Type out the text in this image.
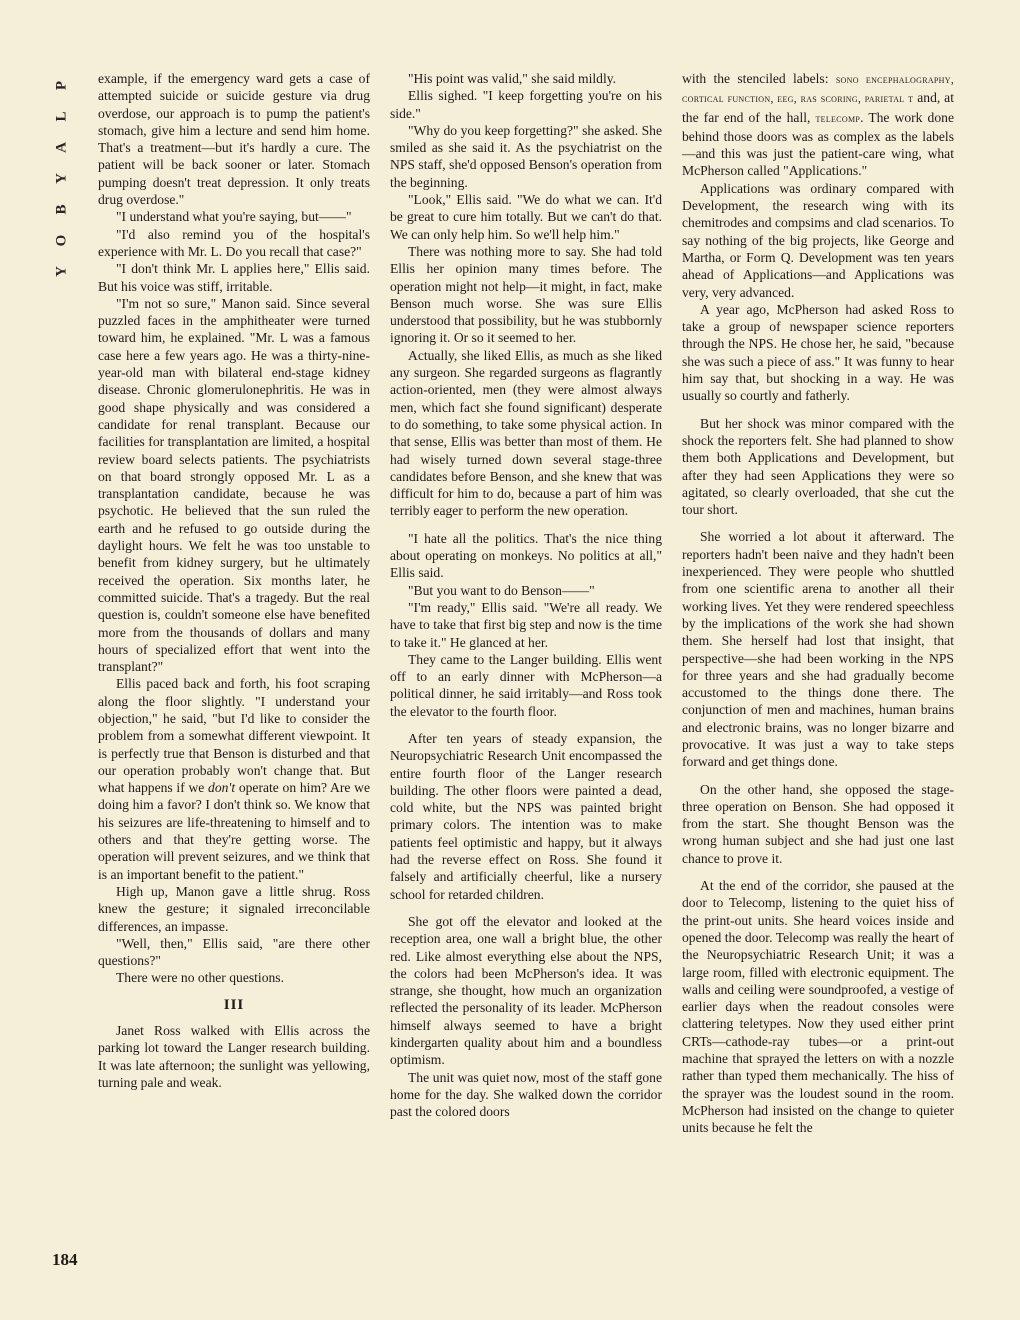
P
L
A
Y
B
O
Y

example, if the emergency ward gets a case of attempted suicide or suicide gesture via drug overdose, our approach is to pump the patient's stomach, give him a lecture and send him home. That's a treatment—but it's hardly a cure. The patient will be back sooner or later. Stomach pumping doesn't treat depression. It only treats drug overdose."

"I understand what you're saying, but——"

"I'd also remind you of the hospital's experience with Mr. L. Do you recall that case?"

"I don't think Mr. L applies here," Ellis said. But his voice was stiff, irritable.

"I'm not so sure," Manon said. Since several puzzled faces in the amphitheater were turned toward him, he explained. "Mr. L was a famous case here a few years ago. He was a thirty-nine-year-old man with bilateral end-stage kidney disease. Chronic glomerulonephritis. He was in good shape physically and was considered a candidate for renal transplant. Because our facilities for transplantation are limited, a hospital review board selects patients. The psychiatrists on that board strongly opposed Mr. L as a transplantation candidate, because he was psychotic. He believed that the sun ruled the earth and he refused to go outside during the daylight hours. We felt he was too unstable to benefit from kidney surgery, but he ultimately received the operation. Six months later, he committed suicide. That's a tragedy. But the real question is, couldn't someone else have benefited more from the thousands of dollars and many hours of specialized effort that went into the transplant?"

Ellis paced back and forth, his foot scraping along the floor slightly. "I understand your objection," he said, "but I'd like to consider the problem from a somewhat different viewpoint. It is perfectly true that Benson is disturbed and that our operation probably won't change that. But what happens if we don't operate on him? Are we doing him a favor? I don't think so. We know that his seizures are life-threatening to himself and to others and that they're getting worse. The operation will prevent seizures, and we think that is an important benefit to the patient."

High up, Manon gave a little shrug. Ross knew the gesture; it signaled irreconcilable differences, an impasse.

"Well, then," Ellis said, "are there other questions?"

There were no other questions.

III

Janet Ross walked with Ellis across the parking lot toward the Langer research building. It was late afternoon; the sunlight was yellowing, turning pale and weak.

"His point was valid," she said mildly.

Ellis sighed. "I keep forgetting you're on his side."

"Why do you keep forgetting?" she asked. She smiled as she said it. As the psychiatrist on the NPS staff, she'd opposed Benson's operation from the beginning.

"Look," Ellis said. "We do what we can. It'd be great to cure him totally. But we can't do that. We can only help him. So we'll help him."

There was nothing more to say. She had told Ellis her opinion many times before. The operation might not help—it might, in fact, make Benson much worse. She was sure Ellis understood that possibility, but he was stubbornly ignoring it. Or so it seemed to her.

Actually, she liked Ellis, as much as she liked any surgeon. She regarded surgeons as flagrantly action-oriented, men (they were almost always men, which fact she found significant) desperate to do something, to take some physical action. In that sense, Ellis was better than most of them. He had wisely turned down several stage-three candidates before Benson, and she knew that was difficult for him to do, because a part of him was terribly eager to perform the new operation.

"I hate all the politics. That's the nice thing about operating on monkeys. No politics at all," Ellis said.

"But you want to do Benson——"

"I'm ready," Ellis said. "We're all ready. We have to take that first big step and now is the time to take it." He glanced at her.

They came to the Langer building. Ellis went off to an early dinner with McPherson—a political dinner, he said irritably—and Ross took the elevator to the fourth floor.

After ten years of steady expansion, the Neuropsychiatric Research Unit encompassed the entire fourth floor of the Langer research building. The other floors were painted a dead, cold white, but the NPS was painted bright primary colors. The intention was to make patients feel optimistic and happy, but it always had the reverse effect on Ross. She found it falsely and artificially cheerful, like a nursery school for retarded children.

She got off the elevator and looked at the reception area, one wall a bright blue, the other red. Like almost everything else about the NPS, the colors had been McPherson's idea. It was strange, she thought, how much an organization reflected the personality of its leader. McPherson himself always seemed to have a bright kindergarten quality about him and a boundless optimism.

The unit was quiet now, most of the staff gone home for the day. She walked down the corridor past the colored doors

with the stenciled labels: sono encephalography, cortical function, eeg, ras scoring, parietal t and, at the far end of the hall, telecomp. The work done behind those doors was as complex as the labels—and this was just the patient-care wing, what McPherson called "Applications."

Applications was ordinary compared with Development, the research wing with its chemitrodes and compsims and clad scenarios. To say nothing of the big projects, like George and Martha, or Form Q. Development was ten years ahead of Applications—and Applications was very, very advanced.

A year ago, McPherson had asked Ross to take a group of newspaper science reporters through the NPS. He chose her, he said, "because she was such a piece of ass." It was funny to hear him say that, but shocking in a way. He was usually so courtly and fatherly.

But her shock was minor compared with the shock the reporters felt. She had planned to show them both Applications and Development, but after they had seen Applications they were so agitated, so clearly overloaded, that she cut the tour short.

She worried a lot about it afterward. The reporters hadn't been naive and they hadn't been inexperienced. They were people who shuttled from one scientific arena to another all their working lives. Yet they were rendered speechless by the implications of the work she had shown them. She herself had lost that insight, that perspective—she had been working in the NPS for three years and she had gradually become accustomed to the things done there. The conjunction of men and machines, human brains and electronic brains, was no longer bizarre and provocative. It was just a way to take steps forward and get things done.

On the other hand, she opposed the stage-three operation on Benson. She had opposed it from the start. She thought Benson was the wrong human subject and she had just one last chance to prove it.

At the end of the corridor, she paused at the door to Telecomp, listening to the quiet hiss of the print-out units. She heard voices inside and opened the door. Telecomp was really the heart of the Neuropsychiatric Research Unit; it was a large room, filled with electronic equipment. The walls and ceiling were soundproofed, a vestige of earlier days when the readout consoles were clattering teletypes. Now they used either print CRTs—cathode-ray tubes—or a print-out machine that sprayed the letters on with a nozzle rather than typed them mechanically. The hiss of the sprayer was the loudest sound in the room. McPherson had insisted on the change to quieter units because he felt the

184
